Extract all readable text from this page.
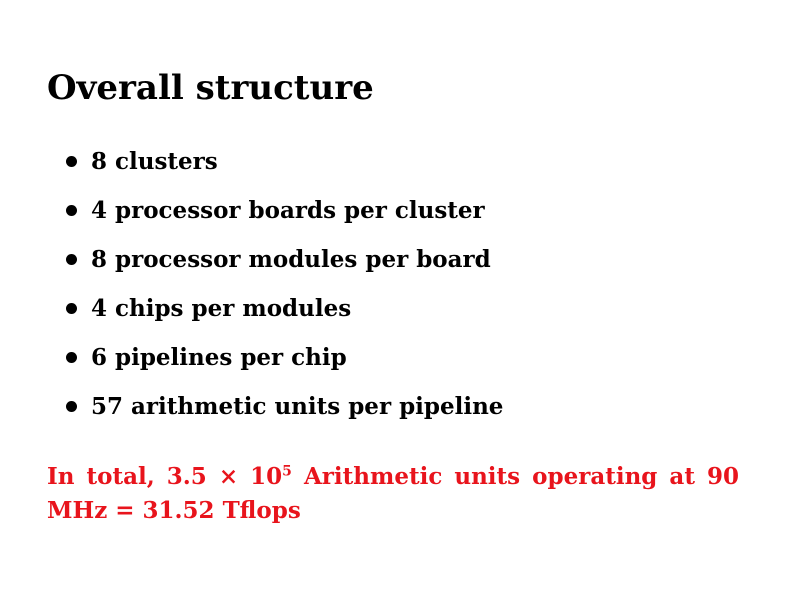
Overall structure
8 clusters
4 processor boards per cluster
8 processor modules per board
4 chips per modules
6 pipelines per chip
57 arithmetic units per pipeline

In total, $3.5 \times 10^5$ Arithmetic units operating at 90 MHz = 31.52 Tflops
